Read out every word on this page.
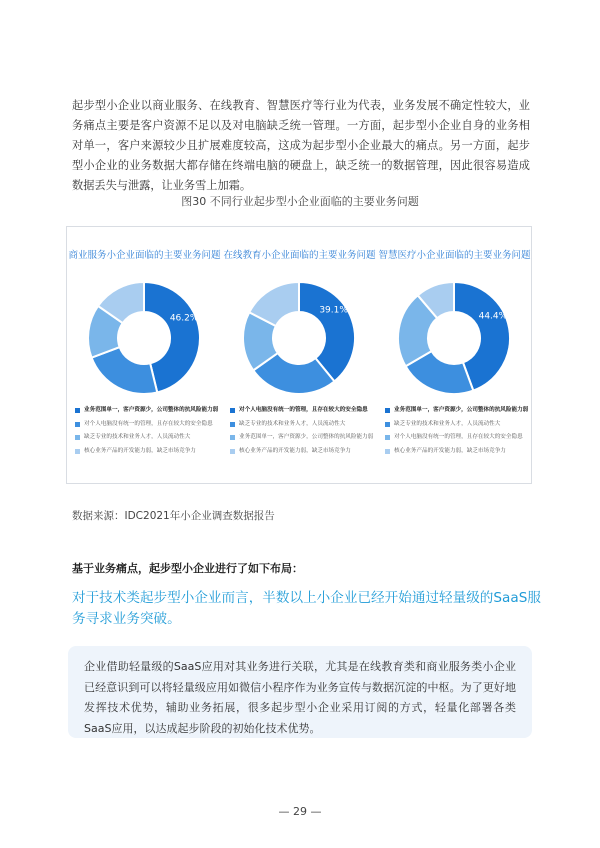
起步型小企业以商业服务、在线教育、智慧医疗等行业为代表，业务发展不确定性较大，业务痛点主要是客户资源不足以及对电脑缺乏统一管理。一方面，起步型小企业自身的业务相对单一，客户来源较少且扩展难度较高，这成为起步型小企业最大的痛点。另一方面，起步型小企业的业务数据大都存储在终端电脑的硬盘上，缺乏统一的数据管理，因此很容易造成数据丢失与泄露，让业务雪上加霜。

图30 不同行业起步型小企业面临的主要业务问题
商业服务小企业面临的主要业务问题
46.2%
业务范围单一，客户资源少，公司整体的抗风险能力弱
对个人电脑没有统一的管理，且存在较大的安全隐患
缺乏专业的技术和业务人才，人员流动性大
核心业务产品的开发能力弱，缺乏市场竞争力
在线教育小企业面临的主要业务问题
39.1%
对个人电脑没有统一的管理，且存在较大的安全隐患
缺乏专业的技术和业务人才，人员流动性大
业务范围单一，客户资源少，公司整体的抗风险能力弱
核心业务产品的开发能力弱，缺乏市场竞争力
智慧医疗小企业面临的主要业务问题
44.4%
业务范围单一，客户资源少，公司整体的抗风险能力弱
缺乏专业的技术和业务人才，人员流动性大
对个人电脑没有统一的管理，且存在较大的安全隐患
核心业务产品的开发能力弱，缺乏市场竞争力
数据来源：IDC2021年小企业调查数据报告
基于业务痛点，起步型小企业进行了如下布局：

对于技术类起步型小企业而言，半数以上小企业已经开始通过轻量级的SaaS服务寻求业务突破。

企业借助轻量级的SaaS应用对其业务进行关联，尤其是在线教育类和商业服务类小企业已经意识到可以将轻量级应用如微信小程序作为业务宣传与数据沉淀的中枢。为了更好地发挥技术优势，辅助业务拓展，很多起步型小企业采用订阅的方式，轻量化部署各类SaaS应用，以达成起步阶段的初始化技术优势。

— 29 —
